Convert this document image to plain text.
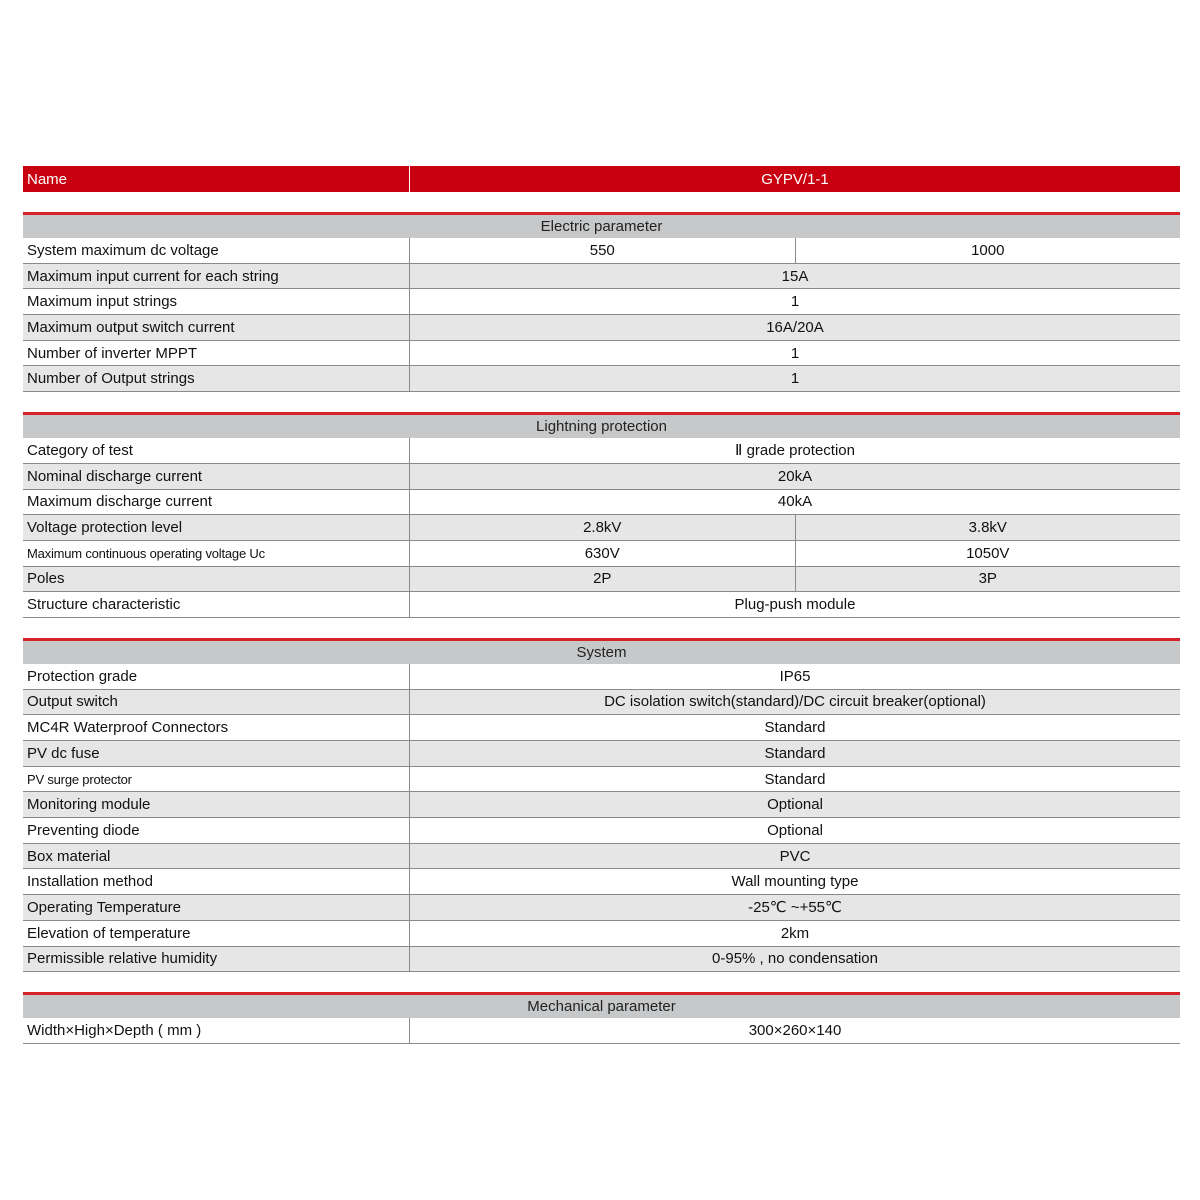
Name	GYPV/1-1
Electric parameter
System maximum dc voltage	550	1000
Maximum input current for each string	15A
Maximum input strings	1
Maximum output switch current	16A/20A
Number of inverter MPPT	1
Number of Output strings	1
Lightning protection
Category of test	Ⅱ grade protection
Nominal discharge current	20kA
Maximum discharge current	40kA
Voltage protection level	2.8kV	3.8kV
Maximum continuous operating voltage Uc	630V	1050V
Poles	2P	3P
Structure characteristic	Plug-push module
System
Protection grade	IP65
Output switch	DC isolation switch(standard)/DC circuit breaker(optional)
MC4R Waterproof Connectors	Standard
PV dc fuse	Standard
PV surge protector	Standard
Monitoring module	Optional
Preventing diode	Optional
Box material	PVC
Installation method	Wall mounting type
Operating Temperature	-25℃ ~+55℃
Elevation of temperature	2km
Permissible relative humidity	0-95% , no condensation
Mechanical parameter
Width×High×Depth ( mm )	300×260×140
